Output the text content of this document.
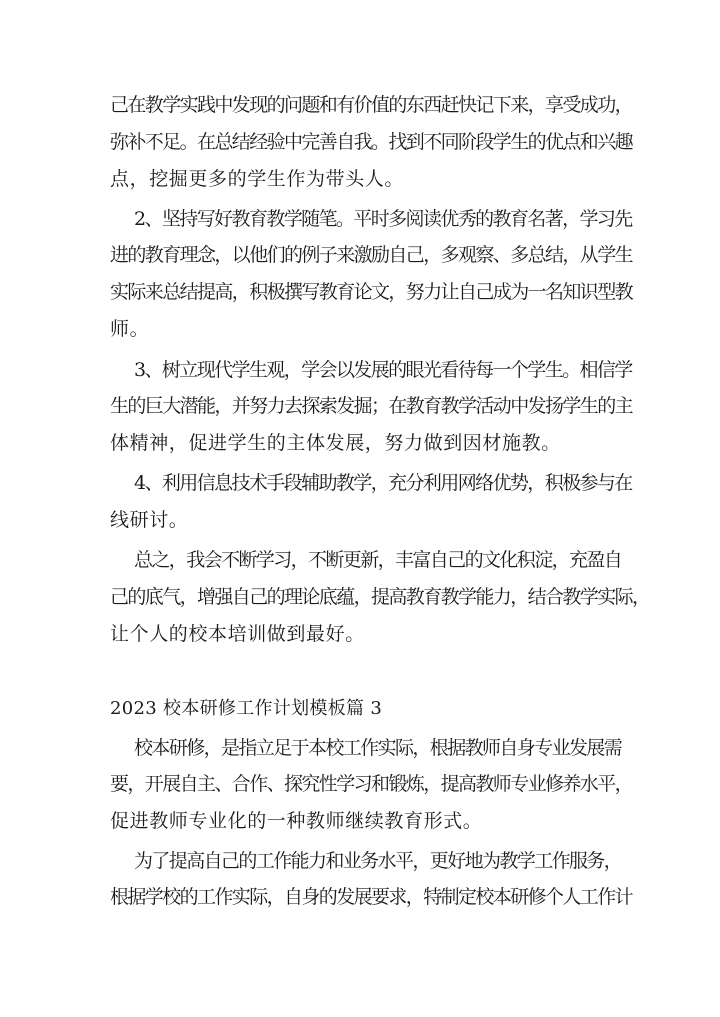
己在教学实践中发现的问题和有价值的东西赶快记下来，享受成功，
弥补不足。在总结经验中完善自我。找到不同阶段学生的优点和兴趣
点，挖掘更多的学生作为带头人。
2、坚持写好教育教学随笔。平时多阅读优秀的教育名著，学习先
进的教育理念，以他们的例子来激励自己，多观察、多总结，从学生
实际来总结提高，积极撰写教育论文，努力让自己成为一名知识型教
师。
3、树立现代学生观，学会以发展的眼光看待每一个学生。相信学
生的巨大潜能，并努力去探索发掘；在教育教学活动中发扬学生的主
体精神，促进学生的主体发展，努力做到因材施教。
4、利用信息技术手段辅助教学，充分利用网络优势，积极参与在
线研讨。
总之，我会不断学习，不断更新，丰富自己的文化积淀，充盈自
己的底气，增强自己的理论底蕴，提高教育教学能力，结合教学实际，
让个人的校本培训做到最好。
2023 校本研修工作计划模板篇 3
校本研修，是指立足于本校工作实际，根据教师自身专业发展需
要，开展自主、合作、探究性学习和锻炼，提高教师专业修养水平，
促进教师专业化的一种教师继续教育形式。
为了提高自己的工作能力和业务水平，更好地为教学工作服务，
根据学校的工作实际，自身的发展要求，特制定校本研修个人工作计
